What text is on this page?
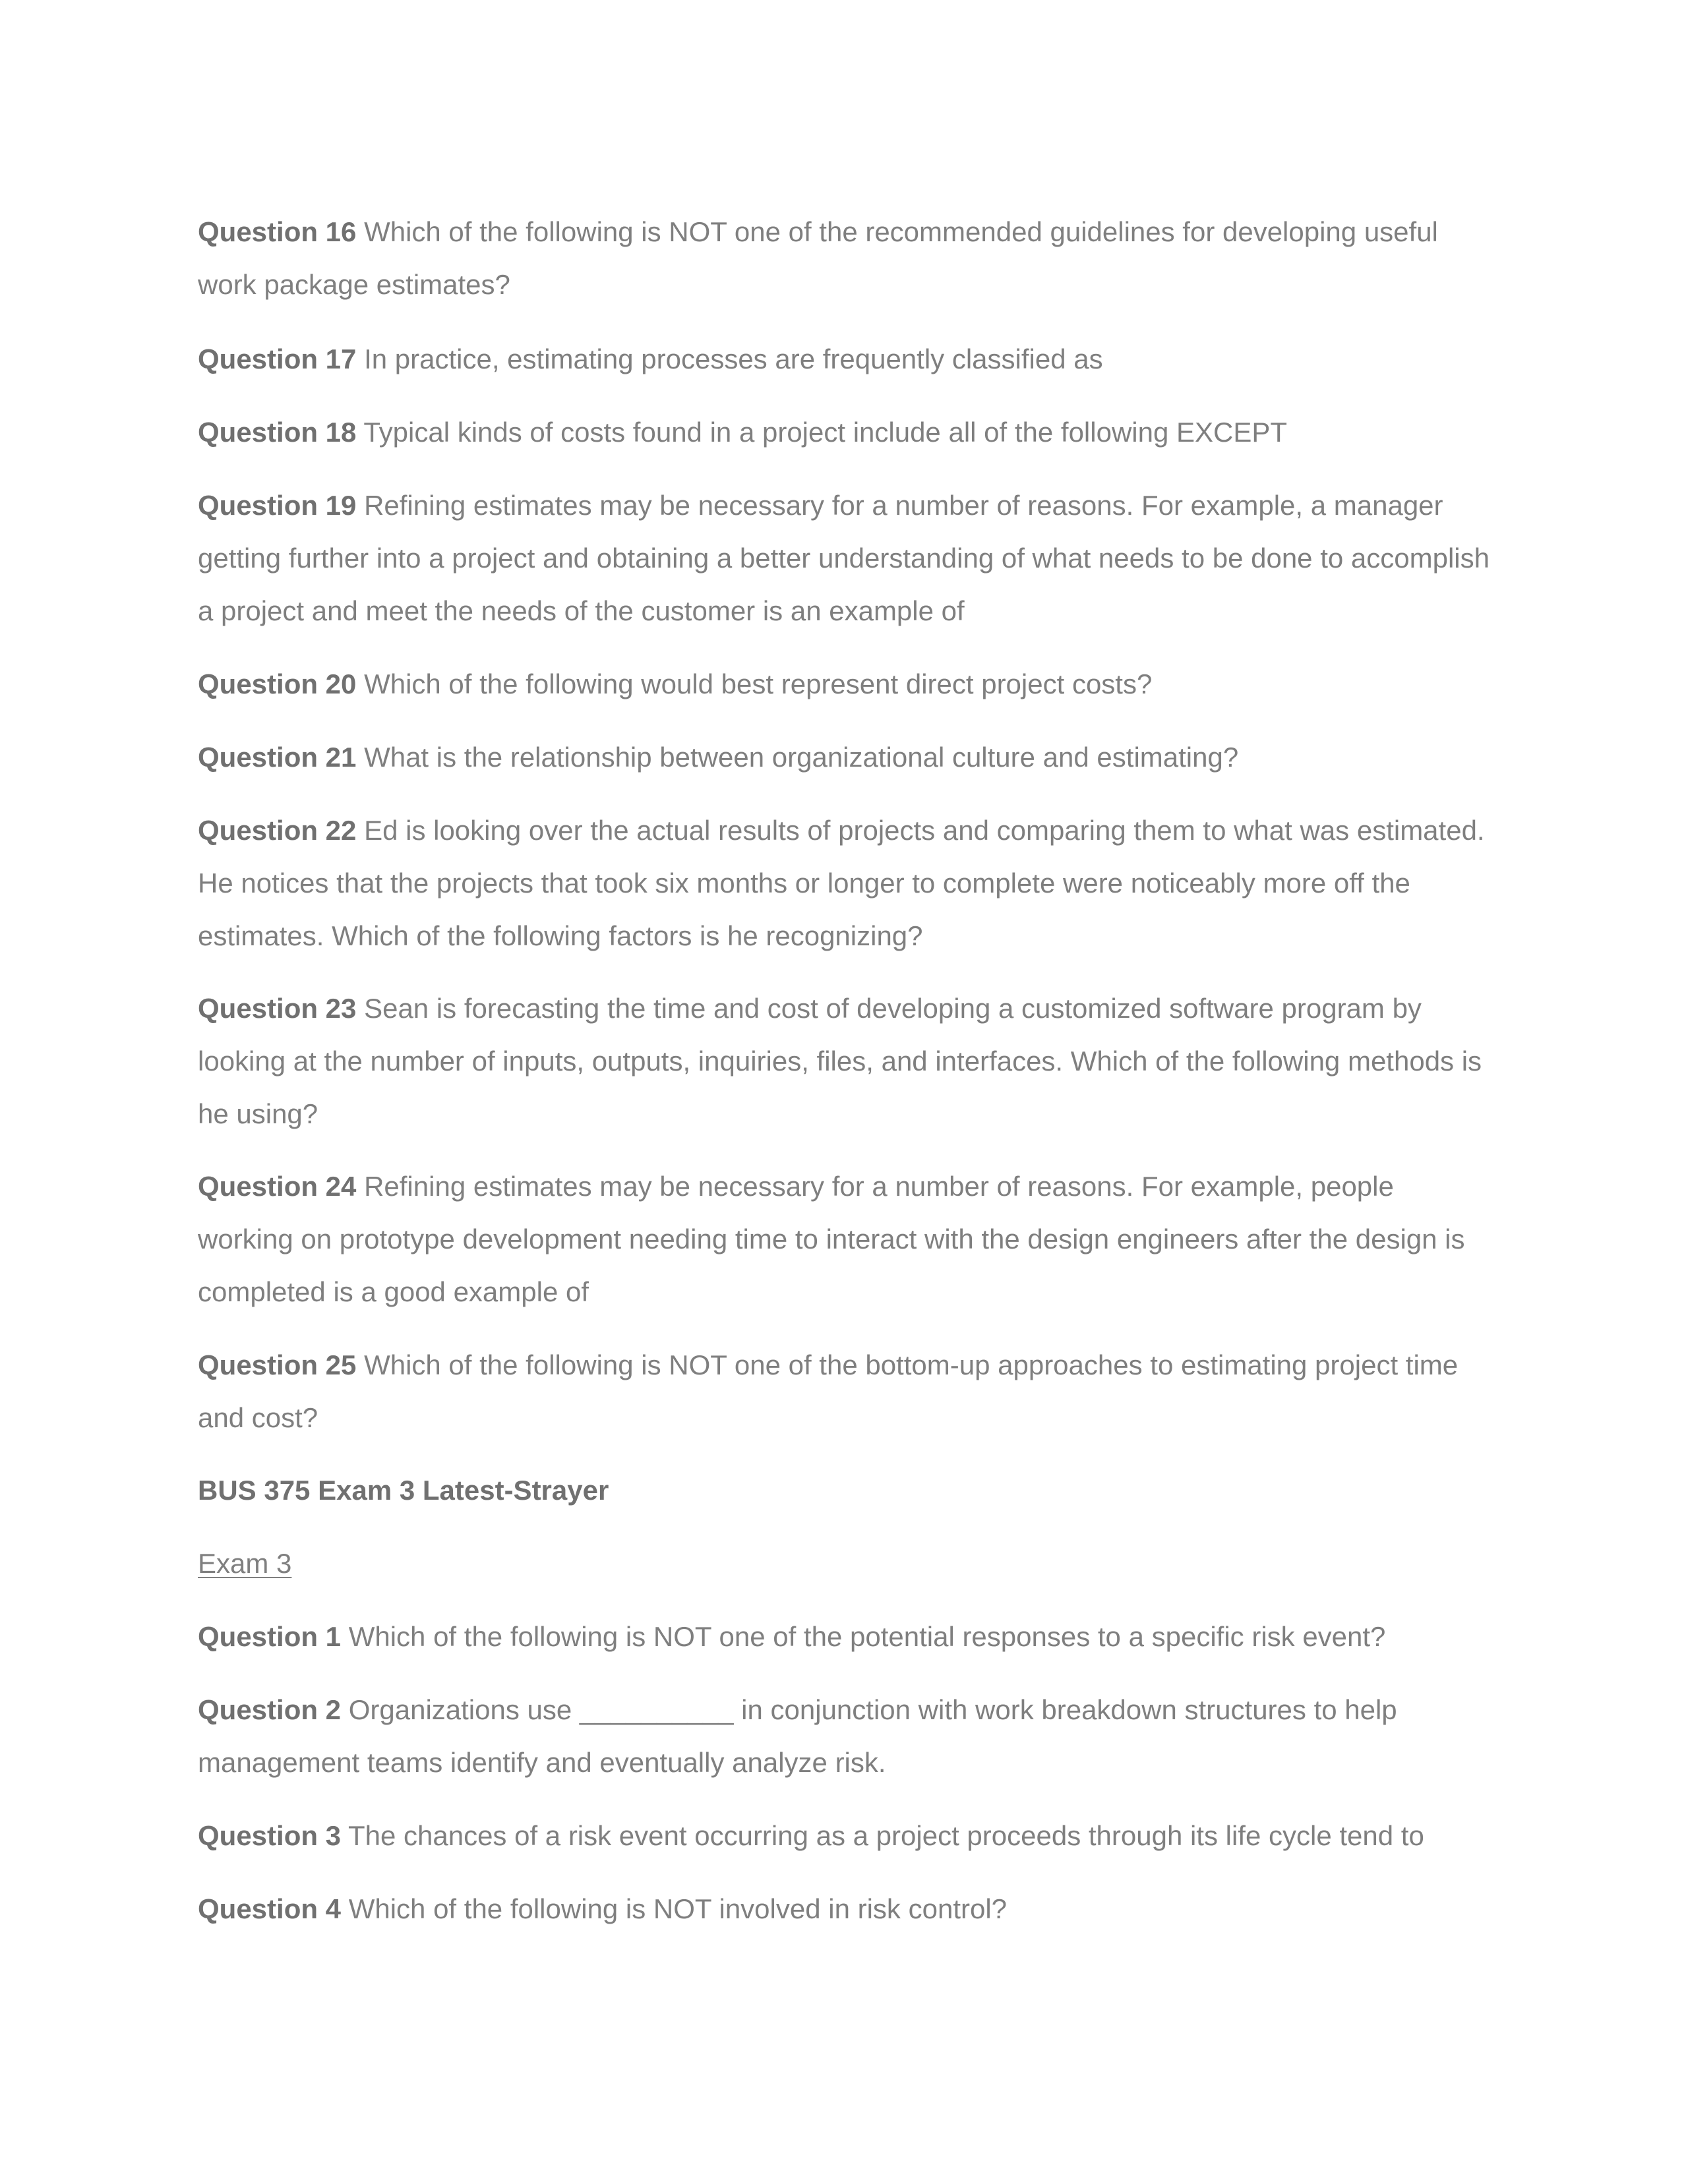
Question 16 Which of the following is NOT one of the recommended guidelines for developing useful work package estimates?

Question 17 In practice, estimating processes are frequently classified as

Question 18 Typical kinds of costs found in a project include all of the following EXCEPT

Question 19 Refining estimates may be necessary for a number of reasons. For example, a manager getting further into a project and obtaining a better understanding of what needs to be done to accomplish a project and meet the needs of the customer is an example of

Question 20 Which of the following would best represent direct project costs?

Question 21 What is the relationship between organizational culture and estimating?

Question 22 Ed is looking over the actual results of projects and comparing them to what was estimated. He notices that the projects that took six months or longer to complete were noticeably more off the estimates. Which of the following factors is he recognizing?

Question 23 Sean is forecasting the time and cost of developing a customized software program by looking at the number of inputs, outputs, inquiries, files, and interfaces. Which of the following methods is he using?

Question 24 Refining estimates may be necessary for a number of reasons. For example, people working on prototype development needing time to interact with the design engineers after the design is completed is a good example of

Question 25 Which of the following is NOT one of the bottom-up approaches to estimating project time and cost?

BUS 375 Exam 3 Latest-Strayer

Exam 3

Question 1 Which of the following is NOT one of the potential responses to a specific risk event?

Question 2 Organizations use __________ in conjunction with work breakdown structures to help management teams identify and eventually analyze risk.

Question 3 The chances of a risk event occurring as a project proceeds through its life cycle tend to

Question 4 Which of the following is NOT involved in risk control?
